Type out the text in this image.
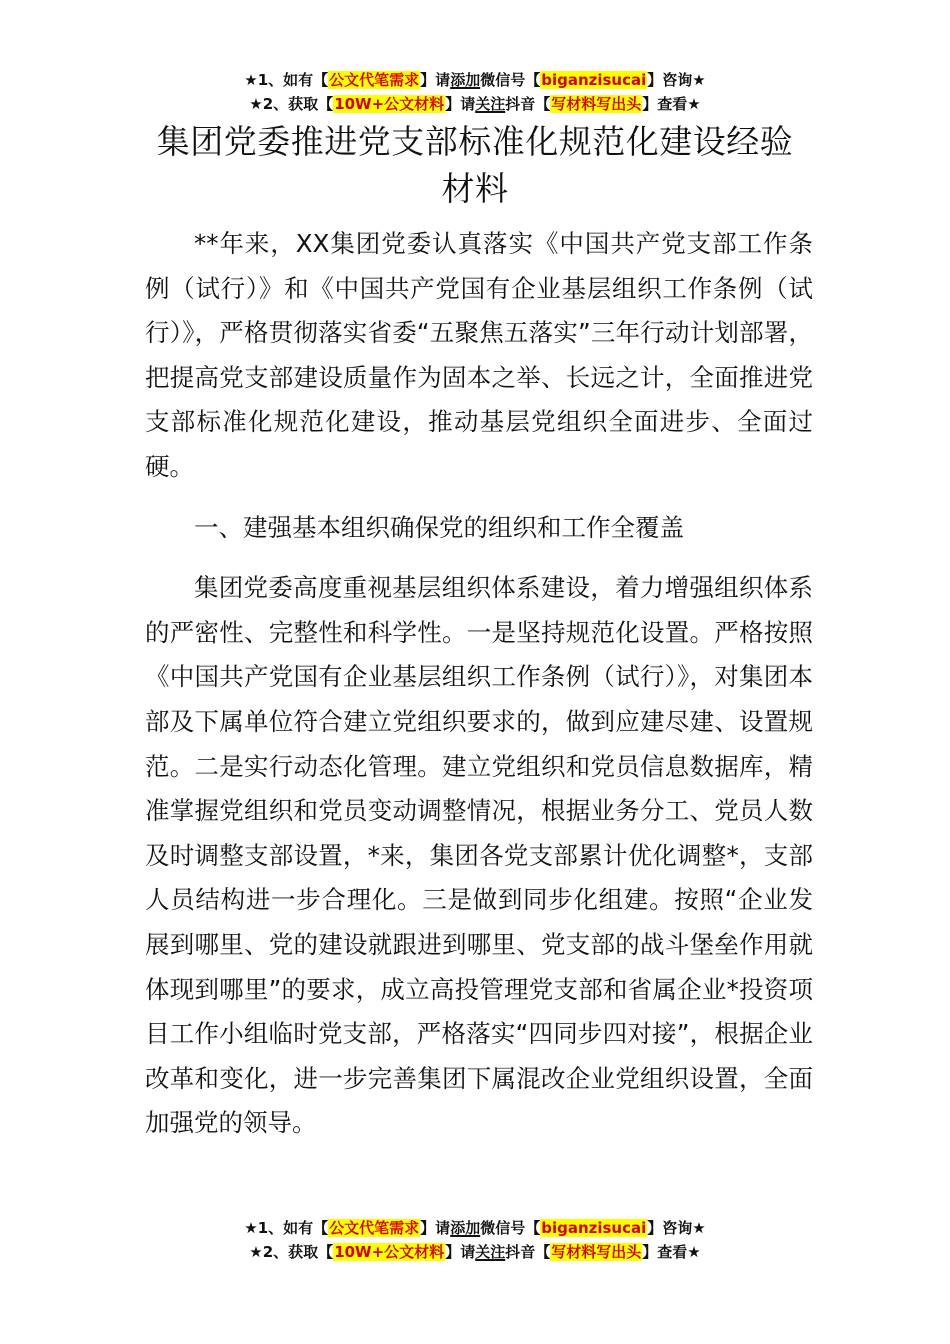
★1、如有【公文代笔需求】请添加微信号【biganzisucai】咨询★
★2、获取【10W+公文材料】请关注抖音【写材料写出头】查看★
集团党委推进党支部标准化规范化建设经验材料

**年来，XX集团党委认真落实《中国共产党支部工作条例（试行）》和《中国共产党国有企业基层组织工作条例（试行）》，严格贯彻落实省委“五聚焦五落实”三年行动计划部署，把提高党支部建设质量作为固本之举、长远之计，全面推进党支部标准化规范化建设，推动基层党组织全面进步、全面过硬。

一、建强基本组织确保党的组织和工作全覆盖

集团党委高度重视基层组织体系建设，着力增强组织体系的严密性、完整性和科学性。一是坚持规范化设置。严格按照《中国共产党国有企业基层组织工作条例（试行）》，对集团本部及下属单位符合建立党组织要求的，做到应建尽建、设置规范。二是实行动态化管理。建立党组织和党员信息数据库，精准掌握党组织和党员变动调整情况，根据业务分工、党员人数及时调整支部设置，*来，集团各党支部累计优化调整*，支部人员结构进一步合理化。三是做到同步化组建。按照“企业发展到哪里、党的建设就跟进到哪里、党支部的战斗堡垒作用就体现到哪里”的要求，成立高投管理党支部和省属企业*投资项目工作小组临时党支部，严格落实“四同步四对接”，根据企业改革和变化，进一步完善集团下属混改企业党组织设置，全面加强党的领导。

★1、如有【公文代笔需求】请添加微信号【biganzisucai】咨询★
★2、获取【10W+公文材料】请关注抖音【写材料写出头】查看★
